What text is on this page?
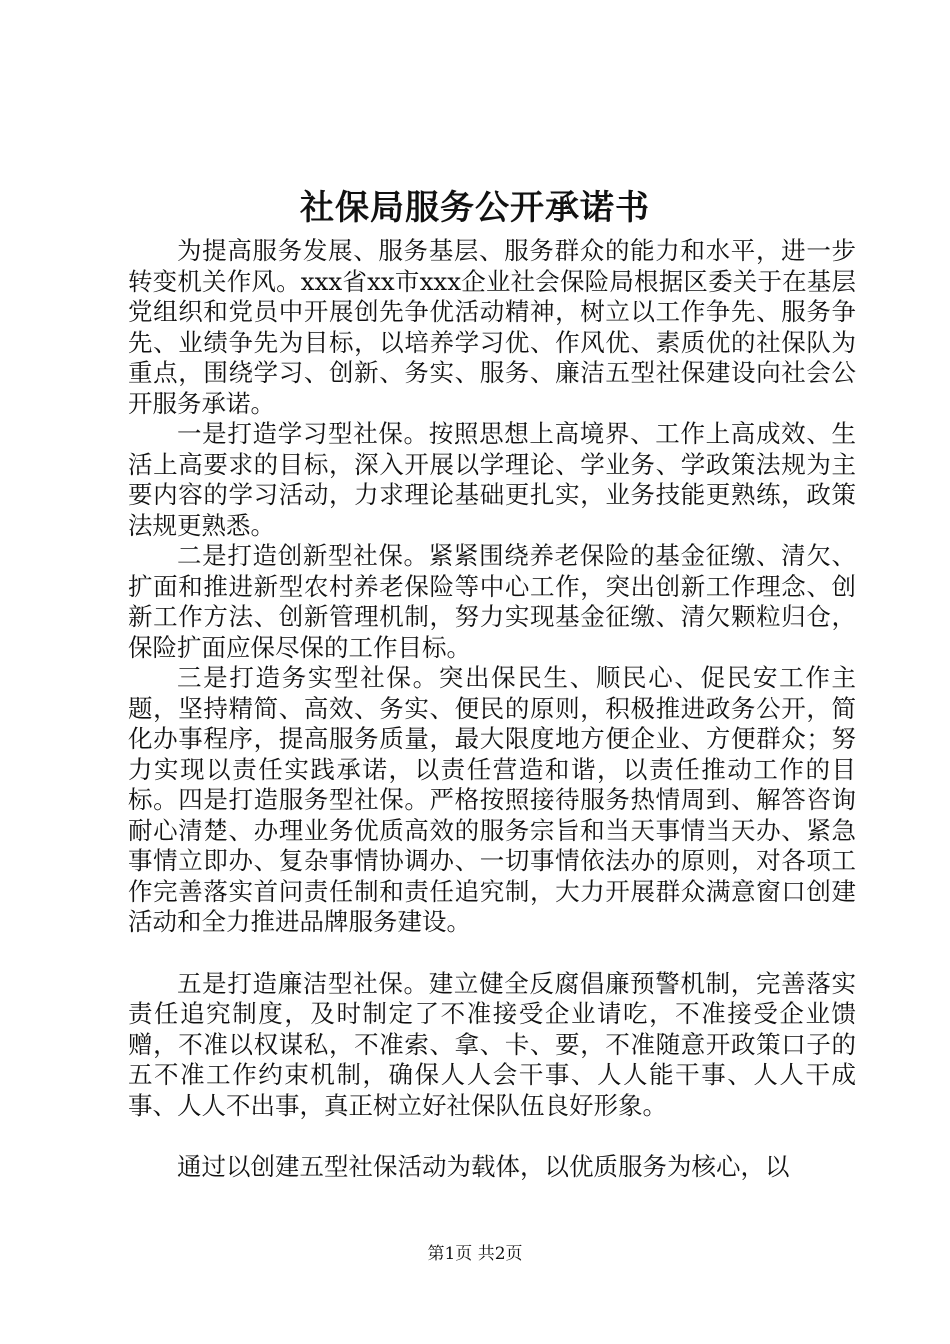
社保局服务公开承诺书

为提高服务发展、服务基层、服务群众的能力和水平，进一步转变机关作风。xxx省xx市xxx企业社会保险局根据区委关于在基层党组织和党员中开展创先争优活动精神，树立以工作争先、服务争先、业绩争先为目标，以培养学习优、作风优、素质优的社保队为重点，围绕学习、创新、务实、服务、廉洁五型社保建设向社会公开服务承诺。

一是打造学习型社保。按照思想上高境界、工作上高成效、生活上高要求的目标，深入开展以学理论、学业务、学政策法规为主要内容的学习活动，力求理论基础更扎实，业务技能更熟练，政策法规更熟悉。

二是打造创新型社保。紧紧围绕养老保险的基金征缴、清欠、扩面和推进新型农村养老保险等中心工作，突出创新工作理念、创新工作方法、创新管理机制，努力实现基金征缴、清欠颗粒归仓，保险扩面应保尽保的工作目标。

三是打造务实型社保。突出保民生、顺民心、促民安工作主题，坚持精简、高效、务实、便民的原则，积极推进政务公开，简化办事程序，提高服务质量，最大限度地方便企业、方便群众；努力实现以责任实践承诺，以责任营造和谐，以责任推动工作的目标。四是打造服务型社保。严格按照接待服务热情周到、解答咨询耐心清楚、办理业务优质高效的服务宗旨和当天事情当天办、紧急事情立即办、复杂事情协调办、一切事情依法办的原则，对各项工作完善落实首问责任制和责任追究制，大力开展群众满意窗口创建活动和全力推进品牌服务建设。

五是打造廉洁型社保。建立健全反腐倡廉预警机制，完善落实责任追究制度，及时制定了不准接受企业请吃，不准接受企业馈赠，不准以权谋私，不准索、拿、卡、要，不准随意开政策口子的五不准工作约束机制，确保人人会干事、人人能干事、人人干成事、人人不出事，真正树立好社保队伍良好形象。

通过以创建五型社保活动为载体，以优质服务为核心，以

第1页 共2页
